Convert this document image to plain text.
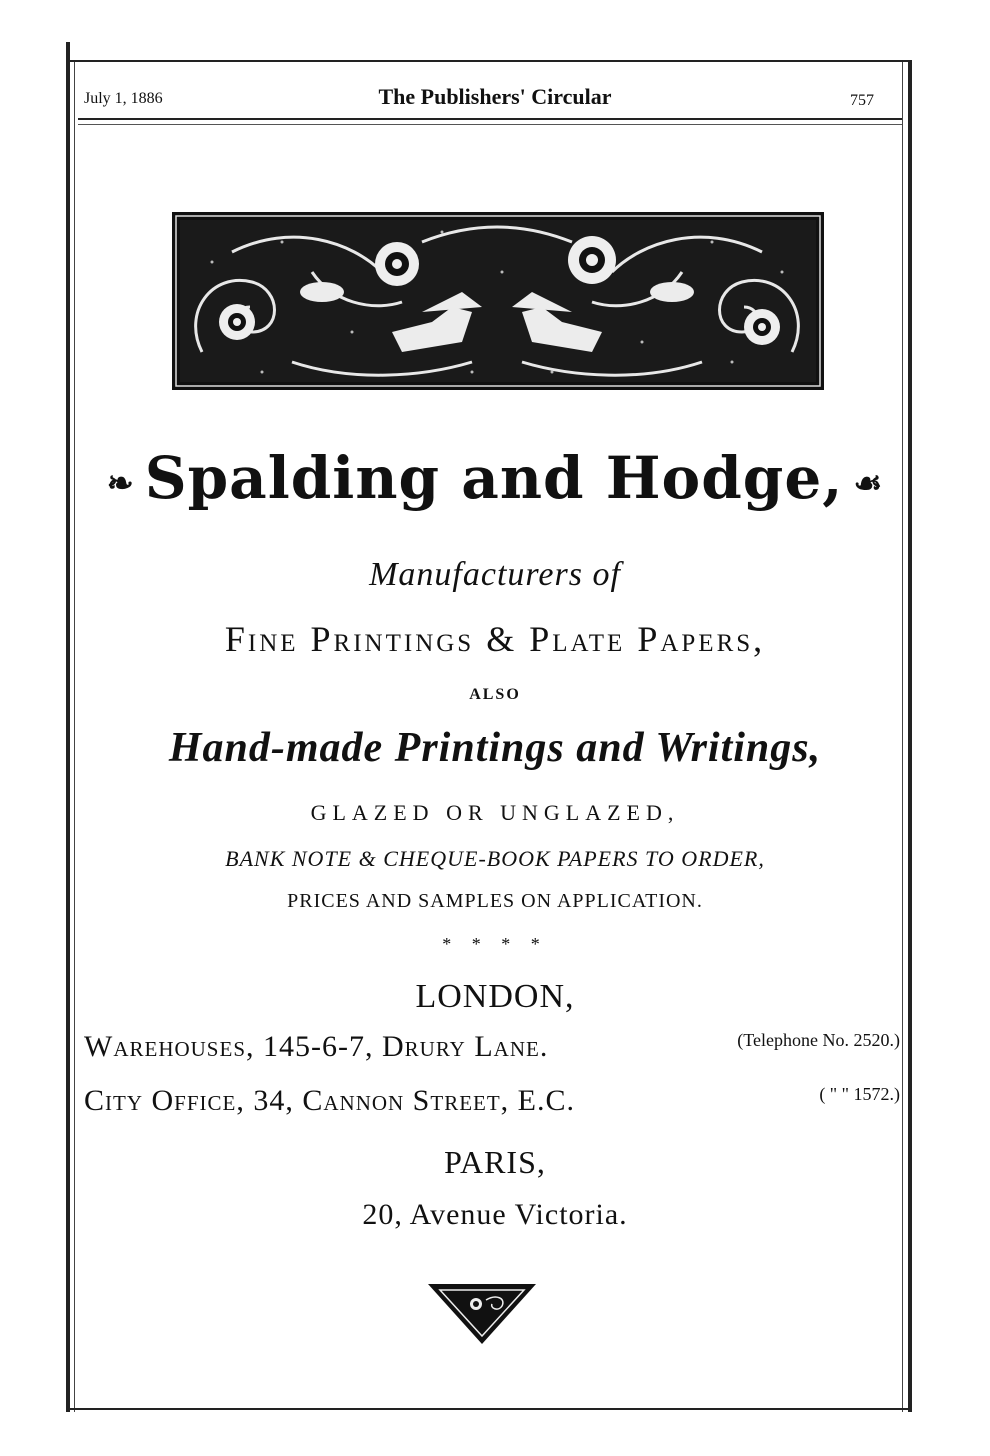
July 1, 1886	The Publishers' Circular	757
❧ Spalding and Hodge, ☙
Manufacturers of
Fine Printings & Plate Papers,
ALSO
Hand-made Printings and Writings,
GLAZED OR UNGLAZED,
BANK NOTE & CHEQUE-BOOK PAPERS TO ORDER,
PRICES AND SAMPLES ON APPLICATION.
* * * *
LONDON,
Warehouses, 145-6-7, Drury Lane.	(Telephone No. 2520.)
City Office, 34, Cannon Street, E.C.	( " " 1572.)
PARIS,
20, Avenue Victoria.
